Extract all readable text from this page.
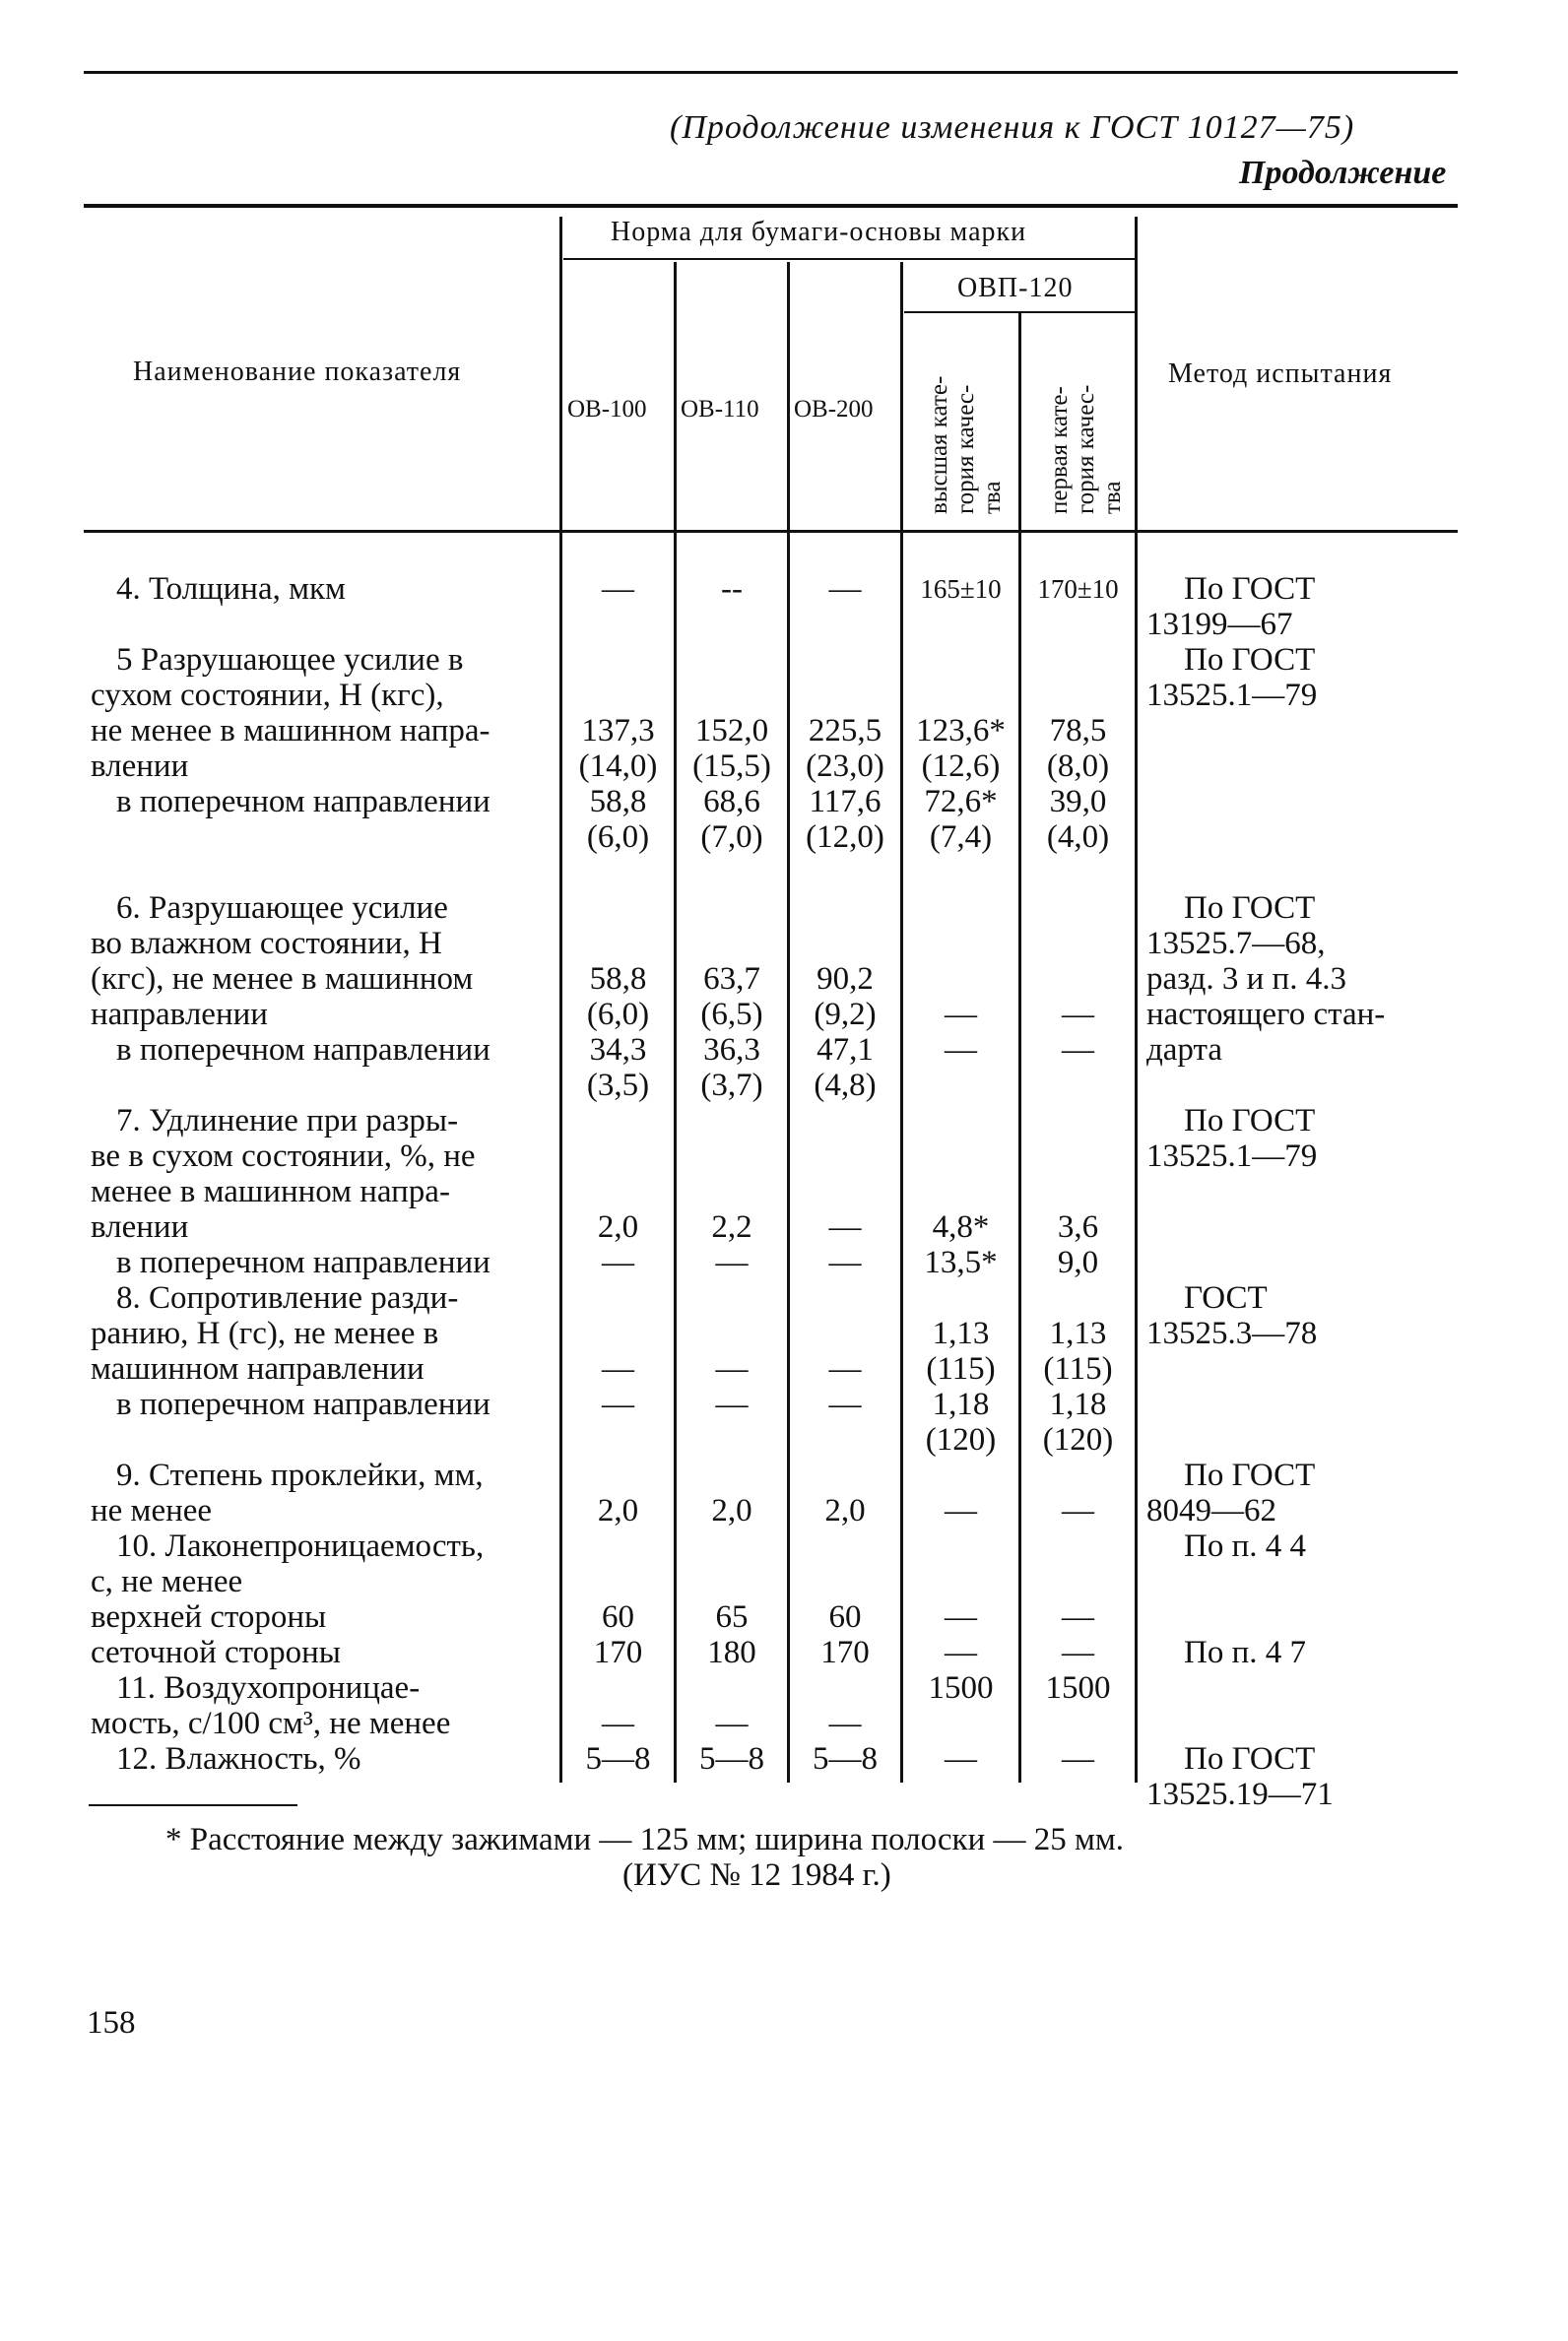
(Продолжение изменения к ГОСТ 10127—75)
Продолжение
Наименование показателя
Норма для бумаги-основы марки
ОВП-120
ОВ-100 ОВ-110 ОВ-200 высшая кате- гория качес- тва первая кате- гория качес- тва
Метод испытания
4. Толщина, мкм
5 Разрушающее усилие в
сухом состоянии, Н (кгс),
не менее в машинном напра-
влении
в поперечном направлении
6. Разрушающее усилие
во влажном состоянии, Н
(кгс), не менее в машинном
направлении
в поперечном направлении
7. Удлинение при разры-
ве в сухом состоянии, %, не
менее в машинном напра-
влении
в поперечном направлении
8. Сопротивление разди-
ранию, Н (гс), не менее в
машинном направлении
в поперечном направлении
9. Степень проклейки, мм,
не менее
10. Лаконепроницаемость,
с, не менее
верхней стороны
сеточной стороны
11. Воздухопроницае-
мость, с/100 см³, не менее
12. Влажность, %
—
137,3
(14,0)
58,8
(6,0)
58,8
(6,0)
34,3
(3,5)
2,0
—
—
—
2,0
60
170
—
5—8
--
152,0
(15,5)
68,6
(7,0)
63,7
(6,5)
36,3
(3,7)
2,2
—
—
—
2,0
65
180
—
5—8
—
225,5
(23,0)
117,6
(12,0)
90,2
(9,2)
47,1
(4,8)
—
—
—
—
2,0
60
170
—
5—8
165±10
123,6*
(12,6)
72,6*
(7,4)
—
—
4,8*
13,5*
1,13
(115)
1,18
(120)
—
—
—
1500
—
170±10
78,5
(8,0)
39,0
(4,0)
—
—
3,6
9,0
1,13
(115)
1,18
(120)
—
—
—
1500
—
По ГОСТ
13199—67
По ГОСТ
13525.1—79
По ГОСТ
13525.7—68,
разд. 3 и п. 4.3
настоящего стан-
дарта
По ГОСТ
13525.1—79
ГОСТ
13525.3—78
По ГОСТ
8049—62
По п. 4 4
По п. 4 7
По ГОСТ
13525.19—71
* Расстояние между зажимами — 125 мм; ширина полоски — 25 мм.
(ИУС № 12 1984 г.)
158
